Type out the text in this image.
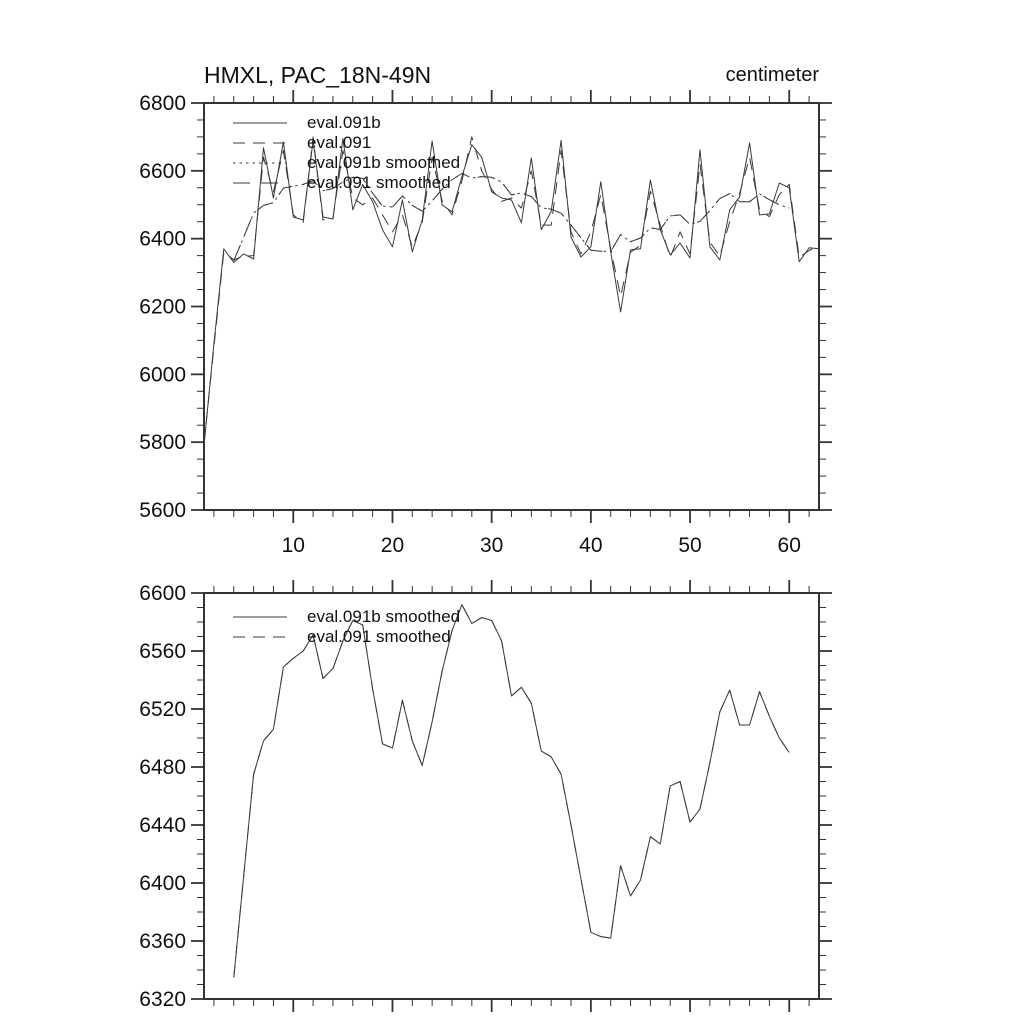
10	20	30	40	50	60
5600
5800
6000
6200
6400
6600
6800
6320
6360
6400
6440
6480
6520
6560
6600
HMXL, PAC_18N-49N	centimeter
eval.091b
eval.091
eval.091b smoothed
eval.091 smoothed
eval.091b smoothed
eval.091 smoothed
